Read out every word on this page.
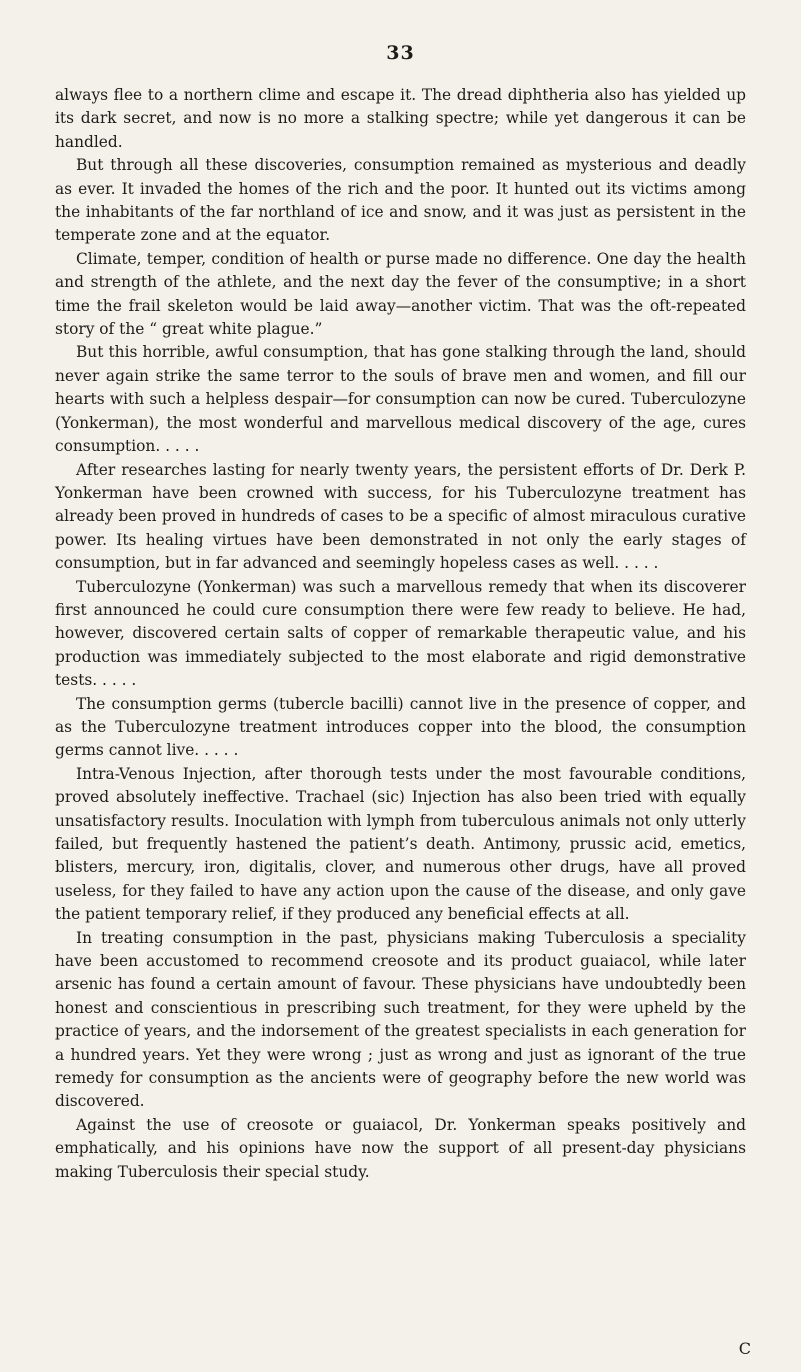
33

always flee to a northern clime and escape it. The dread diphtheria also has yielded up its dark secret, and now is no more a stalking spectre; while yet dangerous it can be handled.

But through all these discoveries, consumption remained as mysterious and deadly as ever. It invaded the homes of the rich and the poor. It hunted out its victims among the inhabitants of the far northland of ice and snow, and it was just as persistent in the temperate zone and at the equator.

Climate, temper, condition of health or purse made no difference. One day the health and strength of the athlete, and the next day the fever of the consumptive; in a short time the frail skeleton would be laid away—another victim. That was the oft-repeated story of the “ great white plague.”

But this horrible, awful consumption, that has gone stalking through the land, should never again strike the same terror to the souls of brave men and women, and fill our hearts with such a helpless despair—for consumption can now be cured. Tuberculozyne (Yonkerman), the most wonderful and marvellous medical discovery of the age, cures consumption. . . . .

After researches lasting for nearly twenty years, the persistent efforts of Dr. Derk P. Yonkerman have been crowned with success, for his Tuberculozyne treatment has already been proved in hundreds of cases to be a specific of almost miraculous curative power. Its healing virtues have been demonstrated in not only the early stages of consumption, but in far advanced and seemingly hopeless cases as well. . . . .

Tuberculozyne (Yonkerman) was such a marvellous remedy that when its discoverer first announced he could cure consumption there were few ready to believe. He had, however, discovered certain salts of copper of remarkable therapeutic value, and his production was immediately subjected to the most elaborate and rigid demonstrative tests. . . . .

The consumption germs (tubercle bacilli) cannot live in the presence of copper, and as the Tuberculozyne treatment introduces copper into the blood, the consumption germs cannot live. . . . .

Intra-Venous Injection, after thorough tests under the most favourable conditions, proved absolutely ineffective. Trachael (sic) Injection has also been tried with equally unsatisfactory results. Inoculation with lymph from tuberculous animals not only utterly failed, but frequently hastened the patient’s death. Antimony, prussic acid, emetics, blisters, mercury, iron, digitalis, clover, and numerous other drugs, have all proved useless, for they failed to have any action upon the cause of the disease, and only gave the patient temporary relief, if they produced any beneficial effects at all.

In treating consumption in the past, physicians making Tuberculosis a speciality have been accustomed to recommend creosote and its product guaiacol, while later arsenic has found a certain amount of favour. These physicians have undoubtedly been honest and conscientious in prescribing such treatment, for they were upheld by the practice of years, and the indorsement of the greatest specialists in each generation for a hundred years. Yet they were wrong ; just as wrong and just as ignorant of the true remedy for consumption as the ancients were of geography before the new world was discovered.

Against the use of creosote or guaiacol, Dr. Yonkerman speaks positively and emphatically, and his opinions have now the support of all present-day physicians making Tuberculosis their special study.

C
